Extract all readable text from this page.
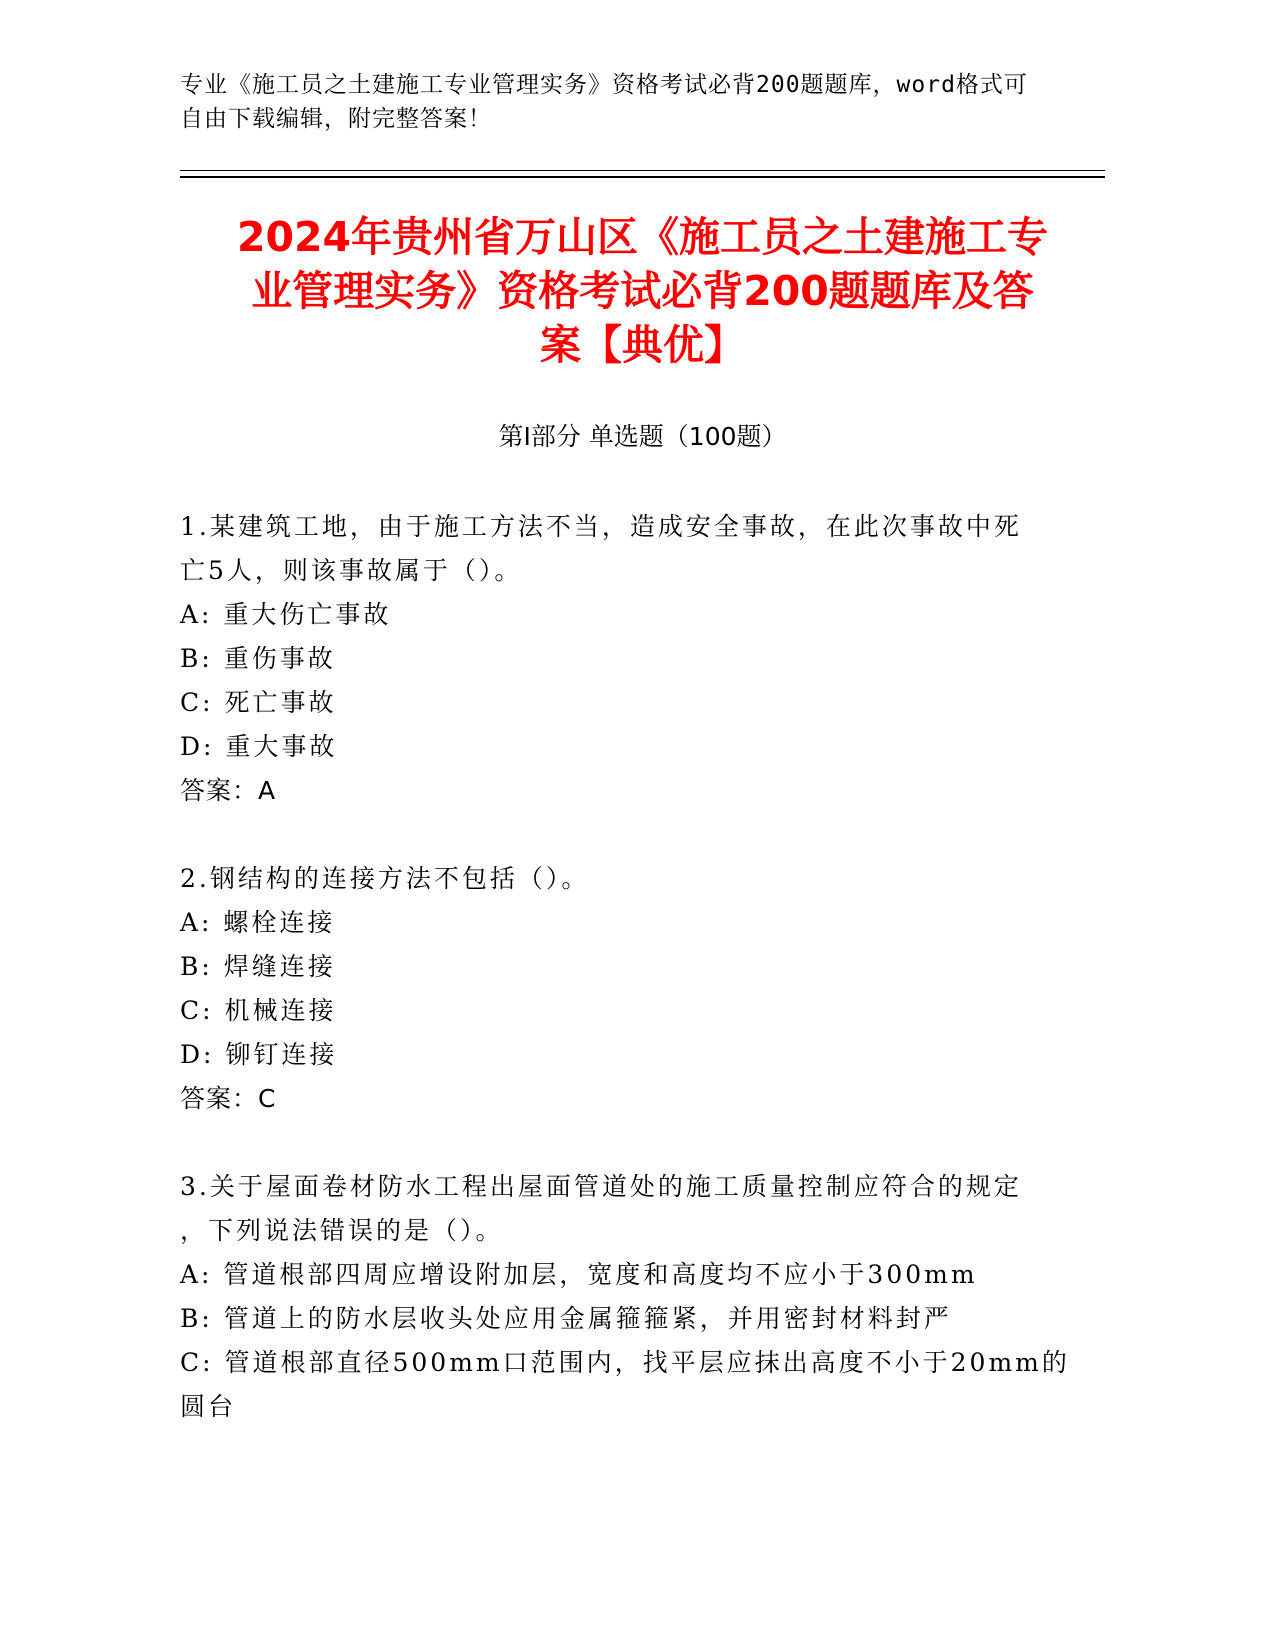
专业《施工员之土建施工专业管理实务》资格考试必背200题题库，word格式可
自由下载编辑，附完整答案！
2024年贵州省万山区《施工员之土建施工专
业管理实务》资格考试必背200题题库及答
案【典优】
第Ⅰ部分 单选题（100题）
1.某建筑工地，由于施工方法不当，造成安全事故，在此次事故中死
亡5人，则该事故属于（）。
A: 重大伤亡事故
B: 重伤事故
C: 死亡事故
D: 重大事故
答案：A
2.钢结构的连接方法不包括（）。
A: 螺栓连接
B: 焊缝连接
C: 机械连接
D: 铆钉连接
答案：C
3.关于屋面卷材防水工程出屋面管道处的施工质量控制应符合的规定
，下列说法错误的是（）。
A: 管道根部四周应增设附加层，宽度和高度均不应小于300mm
B: 管道上的防水层收头处应用金属箍箍紧，并用密封材料封严
C: 管道根部直径500mm口范围内，找平层应抹出高度不小于20mm的
圆台
